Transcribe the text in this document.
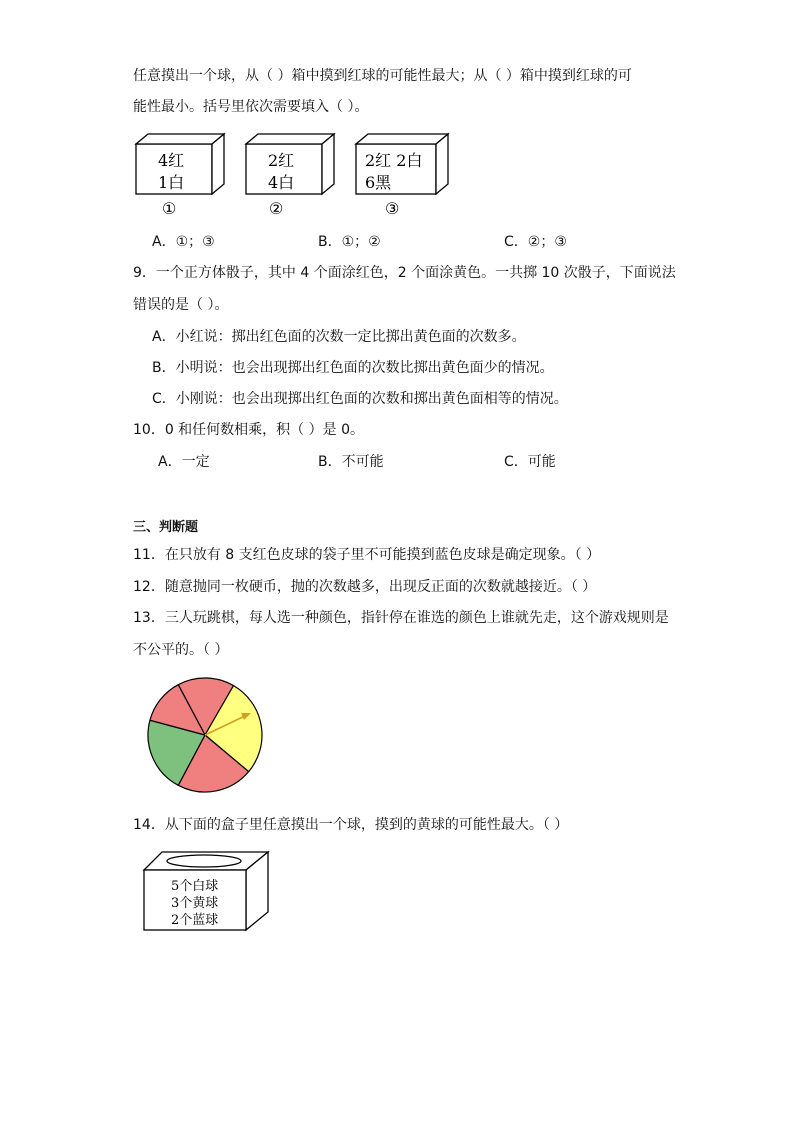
任意摸出一个球，从（ ）箱中摸到红球的可能性最大；从（ ）箱中摸到红球的可
能性最小。括号里依次需要填入（ ）。
4红
1白
①
2红
4白
②
2红 2白
6黑
③
A．①；③	B．①；②	C．②；③
9．一个正方体骰子，其中 4 个面涂红色，2 个面涂黄色。一共掷 10 次骰子，下面说法
错误的是（ ）。
A．小红说：掷出红色面的次数一定比掷出黄色面的次数多。
B．小明说：也会出现掷出红色面的次数比掷出黄色面少的情况。
C．小刚说：也会出现掷出红色面的次数和掷出黄色面相等的情况。
10．0 和任何数相乘，积（ ）是 0。
A．一定	B．不可能	C．可能
三、判断题
11．在只放有 8 支红色皮球的袋子里不可能摸到蓝色皮球是确定现象。（ ）
12．随意抛同一枚硬币，抛的次数越多，出现反正面的次数就越接近。（ ）
13．三人玩跳棋，每人选一种颜色，指针停在谁选的颜色上谁就先走，这个游戏规则是
不公平的。（ ）
14．从下面的盒子里任意摸出一个球，摸到的黄球的可能性最大。（ ）
5个白球
3个黄球
2个蓝球
